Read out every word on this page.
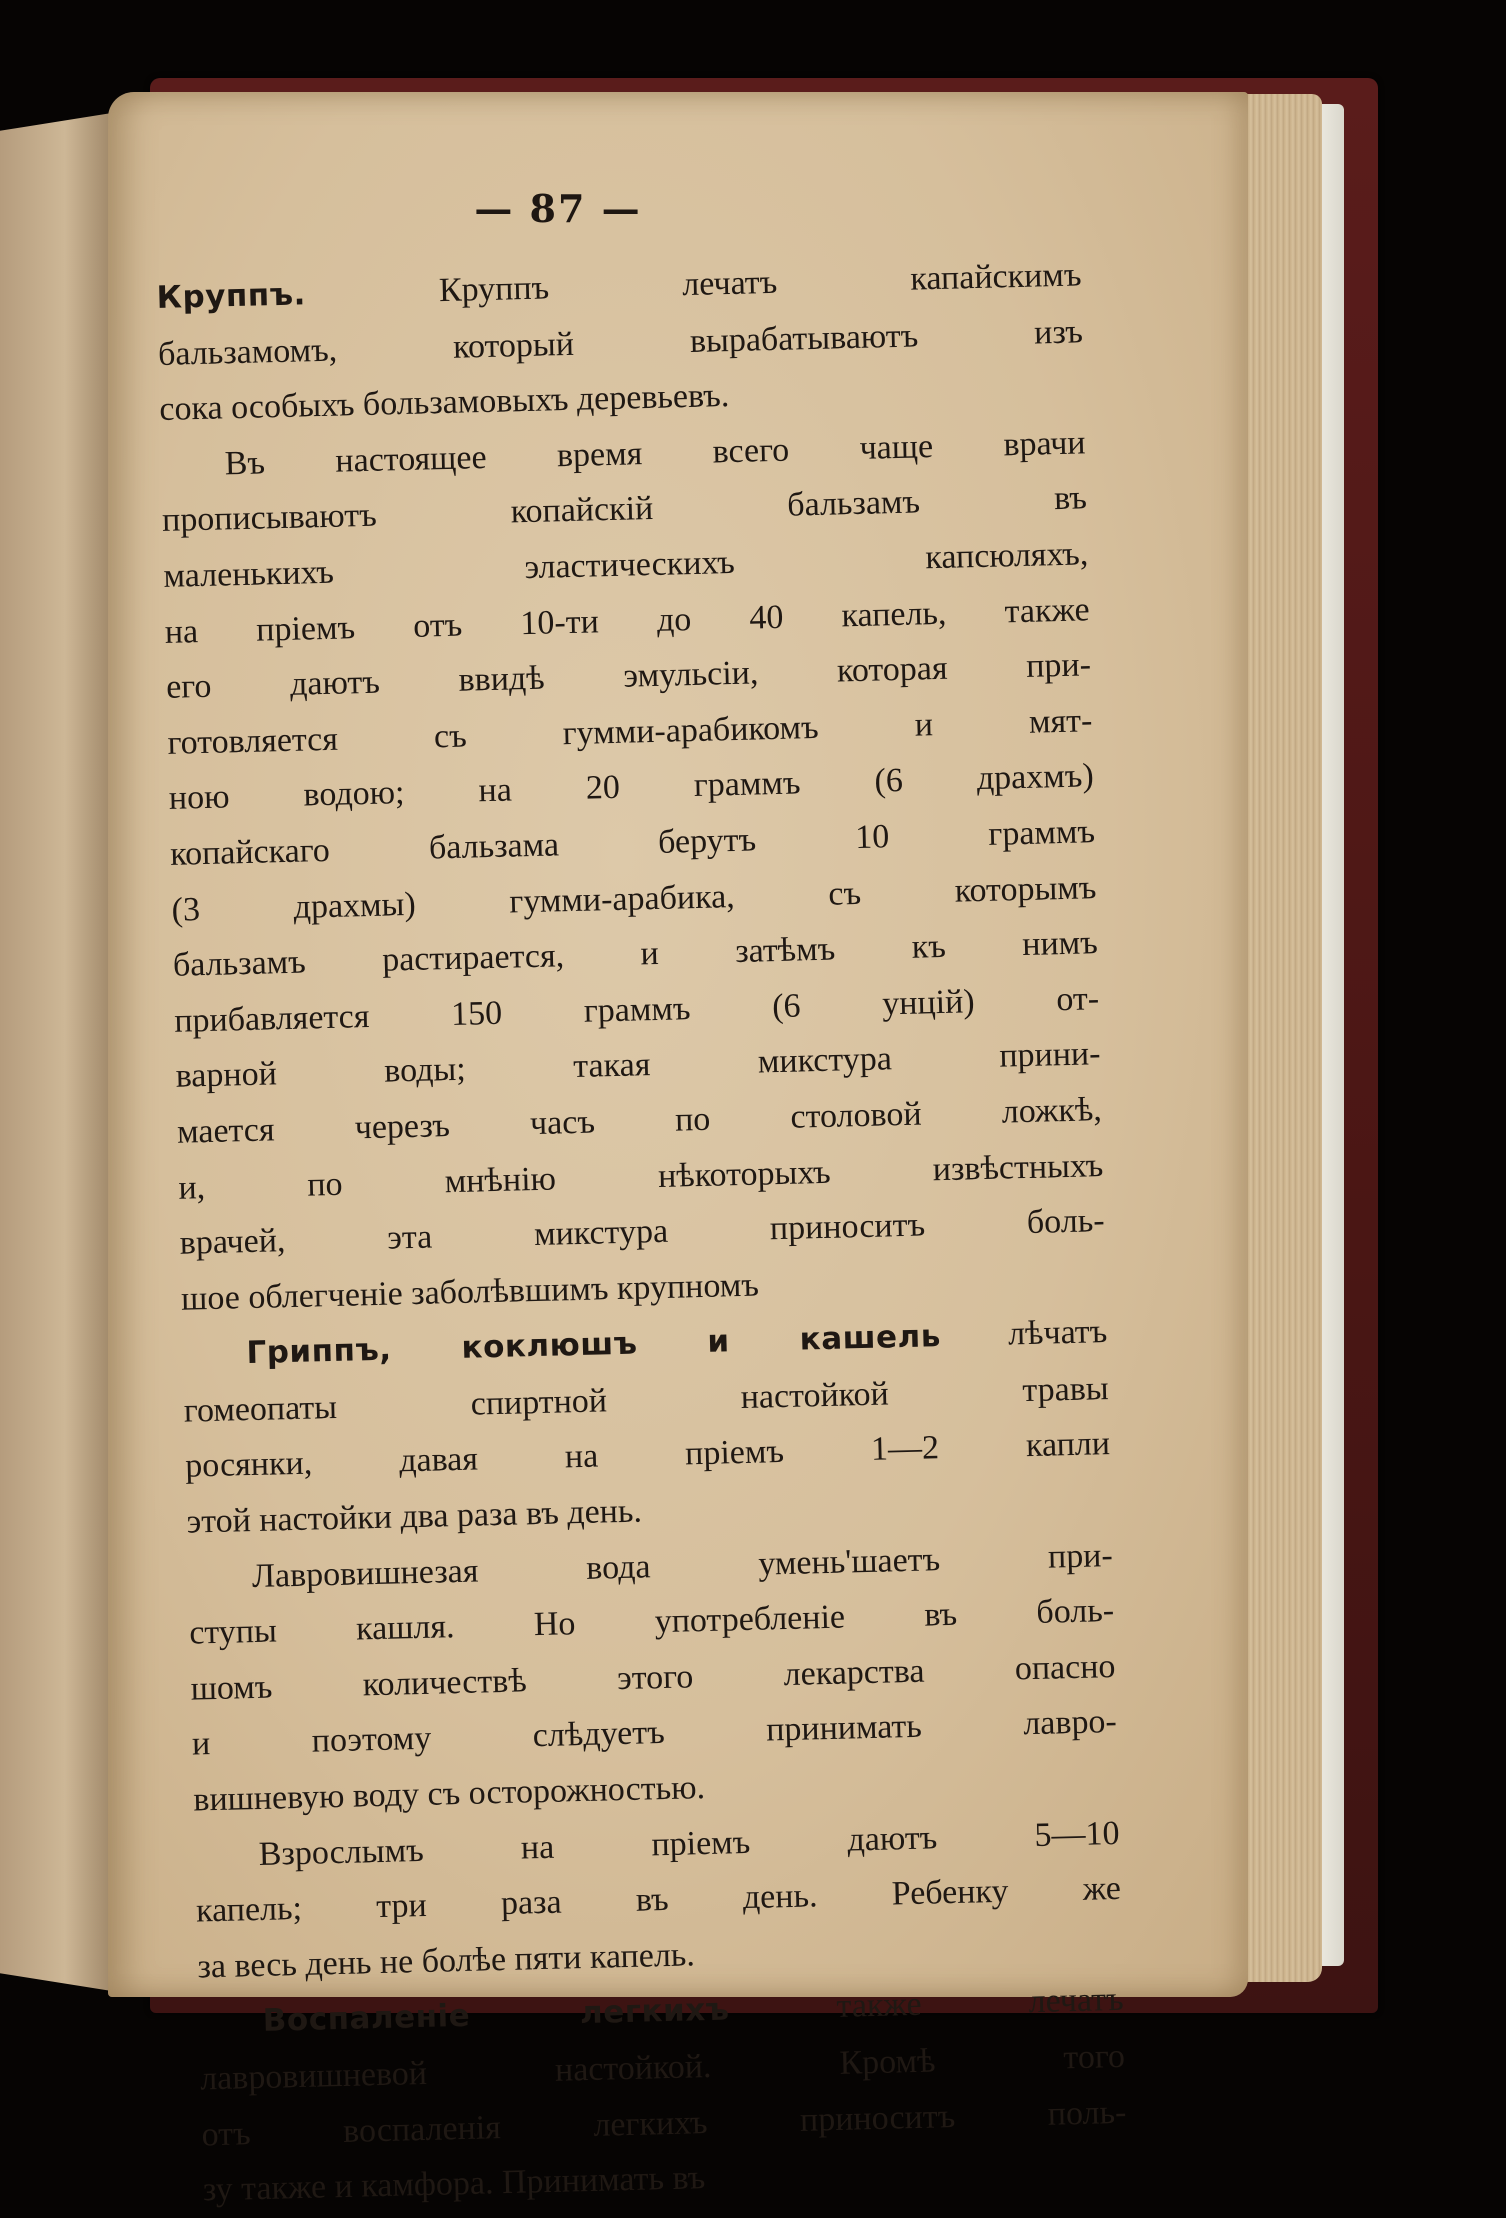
— 87 —

Круппъ. Круппъ лечатъ капайскимъ
бальзамомъ, который вырабатываютъ изъ
сока особыхъ бользамовыхъ деревьевъ.

Въ настоящее время всего чаще врачи
прописываютъ копайскій бальзамъ въ
маленькихъ эластическихъ капсюляхъ,
на пріемъ отъ 10-ти до 40 капель, также
его даютъ ввидѣ эмульсіи, которая при-
готовляется съ гумми-арабикомъ и мят-
ною водою; на 20 граммъ (6 драхмъ)
копайскаго бальзама берутъ 10 граммъ
(3 драхмы) гумми-арабика, съ которымъ
бальзамъ растирается, и затѣмъ къ нимъ
прибавляется 150 граммъ (6 унцій) от-
варной воды; такая микстура прини-
мается черезъ часъ по столовой ложкѣ,
и, по мнѣнію нѣкоторыхъ извѣстныхъ
врачей, эта микстура приноситъ боль-
шое облегченіе заболѣвшимъ крупномъ

Гриппъ, коклюшъ и кашель лѣчатъ
гомеопаты спиртной настойкой травы
росянки, давая на пріемъ 1—2 капли
этой настойки два раза въ день.

Лавровишнезая вода умень'шаетъ при-
ступы кашля. Но употребленіе въ боль-
шомъ количествѣ этого лекарства опасно
и поэтому слѣдуетъ принимать лавро-
вишневую воду съ осторожностью.

Взрослымъ на пріемъ даютъ 5—10
капель; три раза въ день. Ребенку же
за весь день не болѣе пяти капель.

Воспаленіе легкихъ также лечатъ
лавровишневой настойкой. Кромѣ того
отъ воспаленія легкихъ приноситъ поль-
зу также и камфора. Принимать въ
